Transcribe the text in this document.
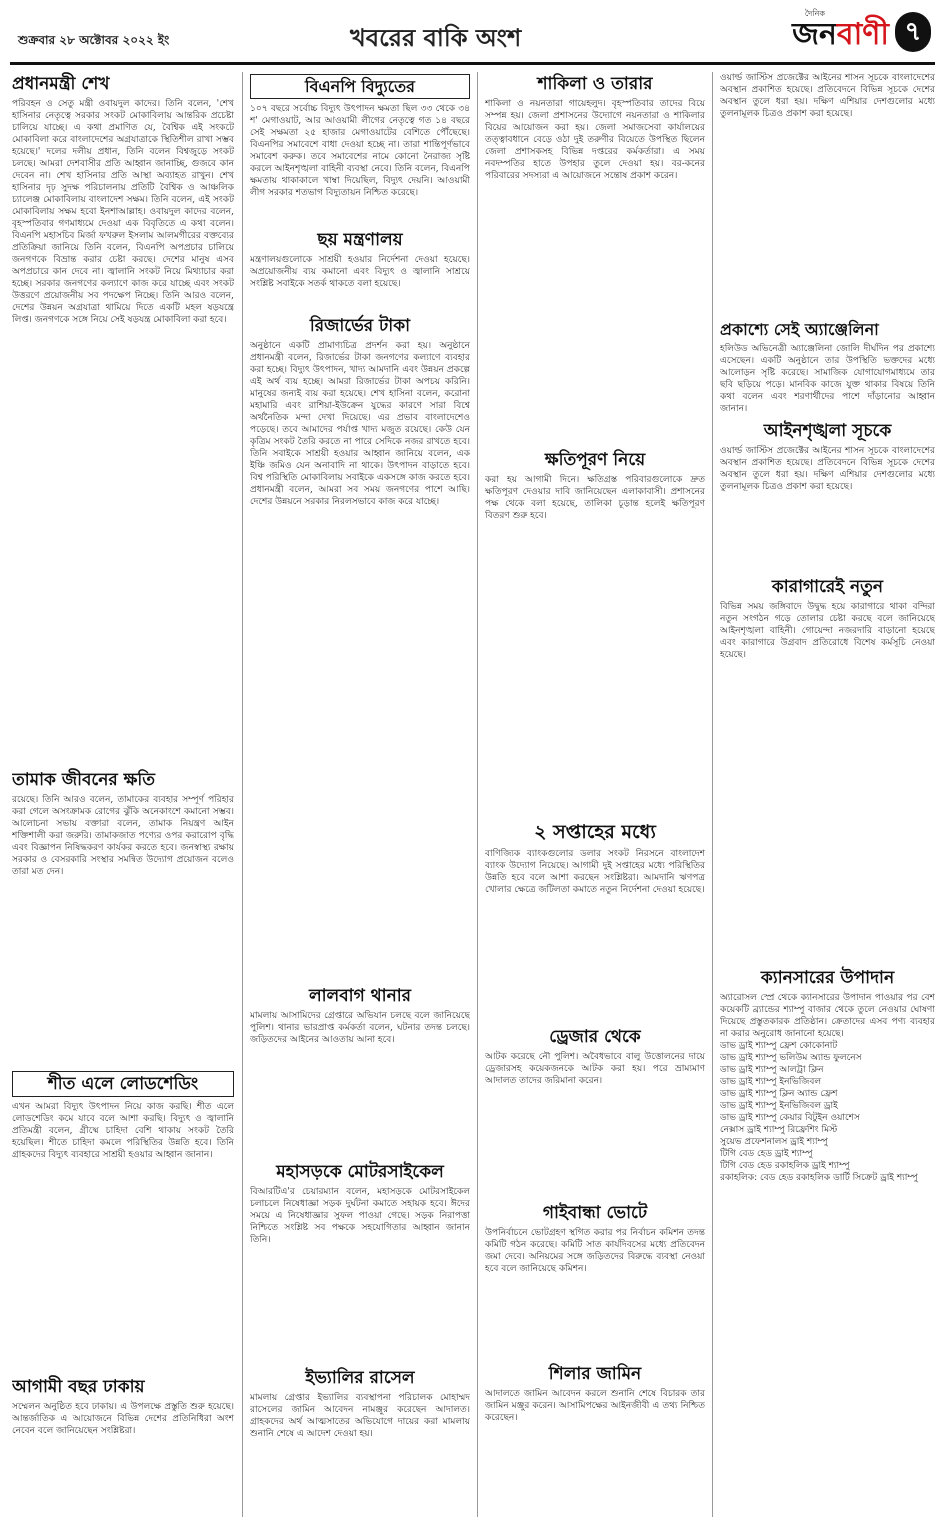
শুক্রবার ২৮ অক্টোবর ২০২২ ইং	খবরের বাকি অংশ
দৈনিক
জনবাণী ৭
প্রধানমন্ত্রী শেখ
পরিবহন ও সেতু মন্ত্রী ওবায়দুল কাদের। তিনি বলেন, 'শেখ হাসিনার নেতৃত্বে সরকার সংকট মোকাবিলায় আন্তরিক প্রচেষ্টা চালিয়ে যাচ্ছে। এ কথা প্রমাণিত যে, বৈশ্বিক এই সংকটে মোকাবিলা করে বাংলাদেশের অগ্রযাত্রাকে স্থিতিশীল রাখা সম্ভব হয়েছে।' দলের দলীয় প্রধান, তিনি বলেন বিশ্বজুড়ে সংকট চলছে। আমরা দেশবাসীর প্রতি আহ্বান জানাচ্ছি, গুজবে কান দেবেন না। শেখ হাসিনার প্রতি আস্থা অব্যাহত রাখুন। শেখ হাসিনার দৃঢ় সুদক্ষ পরিচালনায় প্রতিটি বৈশ্বিক ও আঞ্চলিক চ্যালেঞ্জ মোকাবিলায় বাংলাদেশ সক্ষম। তিনি বলেন, এই সংকট মোকাবিলায় সক্ষম হবো ইনশাআল্লাহ। ওবায়দুল কাদের বলেন, বৃহস্পতিবার গণমাধ্যমে দেওয়া এক বিবৃতিতে এ কথা বলেন। বিএনপি মহাসচিব মির্জা ফখরুল ইসলাম আলমগীরের বক্তব্যের প্রতিক্রিয়া জানিয়ে তিনি বলেন, বিএনপি অপপ্রচার চালিয়ে জনগণকে বিভ্রান্ত করার চেষ্টা করছে। দেশের মানুষ এসব অপপ্রচারে কান দেবে না। জ্বালানি সংকট নিয়ে মিথ্যাচার করা হচ্ছে। সরকার জনগণের কল্যাণে কাজ করে যাচ্ছে এবং সংকট উত্তরণে প্রয়োজনীয় সব পদক্ষেপ নিচ্ছে। তিনি আরও বলেন, দেশের উন্নয়ন অগ্রযাত্রা থামিয়ে দিতে একটি মহল ষড়যন্ত্রে লিপ্ত। জনগণকে সঙ্গে নিয়ে সেই ষড়যন্ত্র মোকাবিলা করা হবে।
তামাক জীবনের ক্ষতি
রয়েছে। তিনি আরও বলেন, তামাকের ব্যবহার সম্পূর্ণ পরিহার করা গেলে অসংক্রামক রোগের ঝুঁকি অনেকাংশে কমানো সম্ভব। আলোচনা সভায় বক্তারা বলেন, তামাক নিয়ন্ত্রণ আইন শক্তিশালী করা জরুরি। তামাকজাত পণ্যের ওপর করারোপ বৃদ্ধি এবং বিজ্ঞাপন নিষিদ্ধকরণ কার্যকর করতে হবে। জনস্বাস্থ্য রক্ষায় সরকার ও বেসরকারি সংস্থার সমন্বিত উদ্যোগ প্রয়োজন বলেও তারা মত দেন।
শীত এলে লোডশেডিং
এখন আমরা বিদ্যুৎ উৎপাদন নিয়ে কাজ করছি। শীত এলে লোডশেডিং কমে যাবে বলে আশা করছি। বিদ্যুৎ ও জ্বালানি প্রতিমন্ত্রী বলেন, গ্রীষ্মে চাহিদা বেশি থাকায় সংকট তৈরি হয়েছিল। শীতে চাহিদা কমলে পরিস্থিতির উন্নতি হবে। তিনি গ্রাহকদের বিদ্যুৎ ব্যবহারে সাশ্রয়ী হওয়ার আহ্বান জানান।
আগামী বছর ঢাকায়
সম্মেলন অনুষ্ঠিত হবে ঢাকায়। এ উপলক্ষে প্রস্তুতি শুরু হয়েছে। আন্তর্জাতিক এ আয়োজনে বিভিন্ন দেশের প্রতিনিধিরা অংশ নেবেন বলে জানিয়েছেন সংশ্লিষ্টরা।
বিএনপি বিদ্যুতের
১০৭ বছরে সর্বোচ্চ বিদ্যুৎ উৎপাদন ক্ষমতা ছিল ৩৩ থেকে ৩৪ শ' মেগাওয়াট, আর আওয়ামী লীগের নেতৃত্বে গত ১৪ বছরে সেই সক্ষমতা ২৫ হাজার মেগাওয়াটের বেশিতে পৌঁছেছে। বিএনপির সমাবেশে বাধা দেওয়া হচ্ছে না। তারা শান্তিপূর্ণভাবে সমাবেশ করুক। তবে সমাবেশের নামে কোনো নৈরাজ্য সৃষ্টি করলে আইনশৃঙ্খলা বাহিনী ব্যবস্থা নেবে। তিনি বলেন, বিএনপি ক্ষমতায় থাকাকালে খাম্বা দিয়েছিল, বিদ্যুৎ দেয়নি। আওয়ামী লীগ সরকার শতভাগ বিদ্যুতায়ন নিশ্চিত করেছে।
ছয় মন্ত্রণালয়
মন্ত্রণালয়গুলোকে সাশ্রয়ী হওয়ার নির্দেশনা দেওয়া হয়েছে। অপ্রয়োজনীয় ব্যয় কমানো এবং বিদ্যুৎ ও জ্বালানি সাশ্রয়ে সংশ্লিষ্ট সবাইকে সতর্ক থাকতে বলা হয়েছে।
রিজার্ভের টাকা
অনুষ্ঠানে একটি প্রামাণ্যচিত্র প্রদর্শন করা হয়। অনুষ্ঠানে প্রধানমন্ত্রী বলেন, রিজার্ভের টাকা জনগণের কল্যাণে ব্যবহার করা হচ্ছে। বিদ্যুৎ উৎপাদন, খাদ্য আমদানি এবং উন্নয়ন প্রকল্পে এই অর্থ ব্যয় হচ্ছে। আমরা রিজার্ভের টাকা অপচয় করিনি। মানুষের জন্যই ব্যয় করা হয়েছে। শেখ হাসিনা বলেন, করোনা মহামারি এবং রাশিয়া-ইউক্রেন যুদ্ধের কারণে সারা বিশ্বে অর্থনৈতিক মন্দা দেখা দিয়েছে। এর প্রভাব বাংলাদেশেও পড়েছে। তবে আমাদের পর্যাপ্ত খাদ্য মজুত রয়েছে। কেউ যেন কৃত্রিম সংকট তৈরি করতে না পারে সেদিকে নজর রাখতে হবে। তিনি সবাইকে সাশ্রয়ী হওয়ার আহ্বান জানিয়ে বলেন, এক ইঞ্চি জমিও যেন অনাবাদি না থাকে। উৎপাদন বাড়াতে হবে। বিশ্ব পরিস্থিতি মোকাবিলায় সবাইকে একসঙ্গে কাজ করতে হবে। প্রধানমন্ত্রী বলেন, আমরা সব সময় জনগণের পাশে আছি। দেশের উন্নয়নে সরকার নিরলসভাবে কাজ করে যাচ্ছে।
লালবাগ থানার
মামলায় আসামিদের গ্রেপ্তারে অভিযান চলছে বলে জানিয়েছে পুলিশ। থানার ভারপ্রাপ্ত কর্মকর্তা বলেন, ঘটনার তদন্ত চলছে। জড়িতদের আইনের আওতায় আনা হবে।
মহাসড়কে মোটরসাইকেল
বিআরটিএ'র চেয়ারম্যান বলেন, মহাসড়কে মোটরসাইকেল চলাচলে নিষেধাজ্ঞা সড়ক দুর্ঘটনা কমাতে সহায়ক হবে। ঈদের সময়ে এ নিষেধাজ্ঞার সুফল পাওয়া গেছে। সড়ক নিরাপত্তা নিশ্চিতে সংশ্লিষ্ট সব পক্ষকে সহযোগিতার আহ্বান জানান তিনি।
ইভ্যালির রাসেল
মামলায় গ্রেপ্তার ইভ্যালির ব্যবস্থাপনা পরিচালক মোহাম্মদ রাসেলের জামিন আবেদন নামঞ্জুর করেছেন আদালত। গ্রাহকদের অর্থ আত্মসাতের অভিযোগে দায়ের করা মামলায় শুনানি শেষে এ আদেশ দেওয়া হয়।
শাকিলা ও তারার
শাকিলা ও নয়নতারা গায়েহলুদ। বৃহস্পতিবার তাদের বিয়ে সম্পন্ন হয়। জেলা প্রশাসনের উদ্যোগে নয়নতারা ও শাকিলার বিয়ের আয়োজন করা হয়। জেলা সমাজসেবা কার্যালয়ের তত্ত্বাবধানে বেড়ে ওঠা দুই তরুণীর বিয়েতে উপস্থিত ছিলেন জেলা প্রশাসকসহ বিভিন্ন দপ্তরের কর্মকর্তারা। এ সময় নবদম্পতির হাতে উপহার তুলে দেওয়া হয়। বর-কনের পরিবারের সদস্যরা এ আয়োজনে সন্তোষ প্রকাশ করেন।
ক্ষতিপূরণ নিয়ে
করা হয় আগামী দিনে। ক্ষতিগ্রস্ত পরিবারগুলোকে দ্রুত ক্ষতিপূরণ দেওয়ার দাবি জানিয়েছেন এলাকাবাসী। প্রশাসনের পক্ষ থেকে বলা হয়েছে, তালিকা চূড়ান্ত হলেই ক্ষতিপূরণ বিতরণ শুরু হবে।
২ সপ্তাহের মধ্যে
বাণিজ্যিক ব্যাংকগুলোর ডলার সংকট নিরসনে বাংলাদেশ ব্যাংক উদ্যোগ নিয়েছে। আগামী দুই সপ্তাহের মধ্যে পরিস্থিতির উন্নতি হবে বলে আশা করছেন সংশ্লিষ্টরা। আমদানি ঋণপত্র খোলার ক্ষেত্রে জটিলতা কমাতে নতুন নির্দেশনা দেওয়া হয়েছে।
ড্রেজার থেকে
আটক করেছে নৌ পুলিশ। অবৈধভাবে বালু উত্তোলনের দায়ে ড্রেজারসহ কয়েকজনকে আটক করা হয়। পরে ভ্রাম্যমাণ আদালত তাদের জরিমানা করেন।
গাইবান্ধা ভোটে
উপনির্বাচনে ভোটগ্রহণ স্থগিত করার পর নির্বাচন কমিশন তদন্ত কমিটি গঠন করেছে। কমিটি সাত কার্যদিবসের মধ্যে প্রতিবেদন জমা দেবে। অনিয়মের সঙ্গে জড়িতদের বিরুদ্ধে ব্যবস্থা নেওয়া হবে বলে জানিয়েছে কমিশন।
শিলার জামিন
আদালতে জামিন আবেদন করলে শুনানি শেষে বিচারক তার জামিন মঞ্জুর করেন। আসামিপক্ষের আইনজীবী এ তথ্য নিশ্চিত করেছেন।
ওয়ার্ল্ড জাস্টিস প্রজেক্টের আইনের শাসন সূচকে বাংলাদেশের অবস্থান প্রকাশিত হয়েছে। প্রতিবেদনে বিভিন্ন সূচকে দেশের অবস্থান তুলে ধরা হয়। দক্ষিণ এশিয়ার দেশগুলোর মধ্যে তুলনামূলক চিত্রও প্রকাশ করা হয়েছে।
প্রকাশ্যে সেই অ্যাঞ্জেলিনা
হলিউড অভিনেত্রী অ্যাঞ্জেলিনা জোলি দীর্ঘদিন পর প্রকাশ্যে এসেছেন। একটি অনুষ্ঠানে তার উপস্থিতি ভক্তদের মধ্যে আলোড়ন সৃষ্টি করেছে। সামাজিক যোগাযোগমাধ্যমে তার ছবি ছড়িয়ে পড়ে। মানবিক কাজে যুক্ত থাকার বিষয়ে তিনি কথা বলেন এবং শরণার্থীদের পাশে দাঁড়ানোর আহ্বান জানান।
আইনশৃঙ্খলা সূচকে
ওয়ার্ল্ড জাস্টিস প্রজেক্টের আইনের শাসন সূচকে বাংলাদেশের অবস্থান প্রকাশিত হয়েছে। প্রতিবেদনে বিভিন্ন সূচকে দেশের অবস্থান তুলে ধরা হয়। দক্ষিণ এশিয়ার দেশগুলোর মধ্যে তুলনামূলক চিত্রও প্রকাশ করা হয়েছে।
কারাগারেই নতুন
বিভিন্ন সময় জঙ্গিবাদে উদ্বুদ্ধ হয়ে কারাগারে থাকা বন্দিরা নতুন সংগঠন গড়ে তোলার চেষ্টা করছে বলে জানিয়েছে আইনশৃঙ্খলা বাহিনী। গোয়েন্দা নজরদারি বাড়ানো হয়েছে এবং কারাগারে উগ্রবাদ প্রতিরোধে বিশেষ কর্মসূচি নেওয়া হয়েছে।
ক্যানসারের উপাদান
অ্যারোসল স্প্রে থেকে ক্যানসারের উপাদান পাওয়ার পর বেশ কয়েকটি ব্র্যান্ডের শ্যাম্পু বাজার থেকে তুলে নেওয়ার ঘোষণা দিয়েছে প্রস্তুতকারক প্রতিষ্ঠান। ক্রেতাদের এসব পণ্য ব্যবহার না করার অনুরোধ জানানো হয়েছে।
ডাভ ড্রাই শ্যাম্পু ফ্রেশ কোকোনাট
ডাভ ড্রাই শ্যাম্পু ভলিউম অ্যান্ড ফুলনেস
ডাভ ড্রাই শ্যাম্পু আলট্রা ক্লিন
ডাভ ড্রাই শ্যাম্পু ইনভিজিবল
ডাভ ড্রাই শ্যাম্পু ক্লিন অ্যান্ড ফ্রেশ
ডাভ ড্রাই শ্যাম্পু ইনভিজিবল ড্রাই
ডাভ ড্রাই শ্যাম্পু কেয়ার বিটুইন ওয়াশেস
নেক্সাস ড্রাই শ্যাম্পু রিফ্রেশিং মিস্ট
সুয়েভ প্রফেশনালস ড্রাই শ্যাম্পু
টিগি বেড হেড ড্রাই শ্যাম্পু
টিগি বেড হেড রকাহলিক ড্রাই শ্যাম্পু
রকাহলিক: বেড হেড রকাহলিক ডার্টি সিক্রেট ড্রাই শ্যাম্পু
